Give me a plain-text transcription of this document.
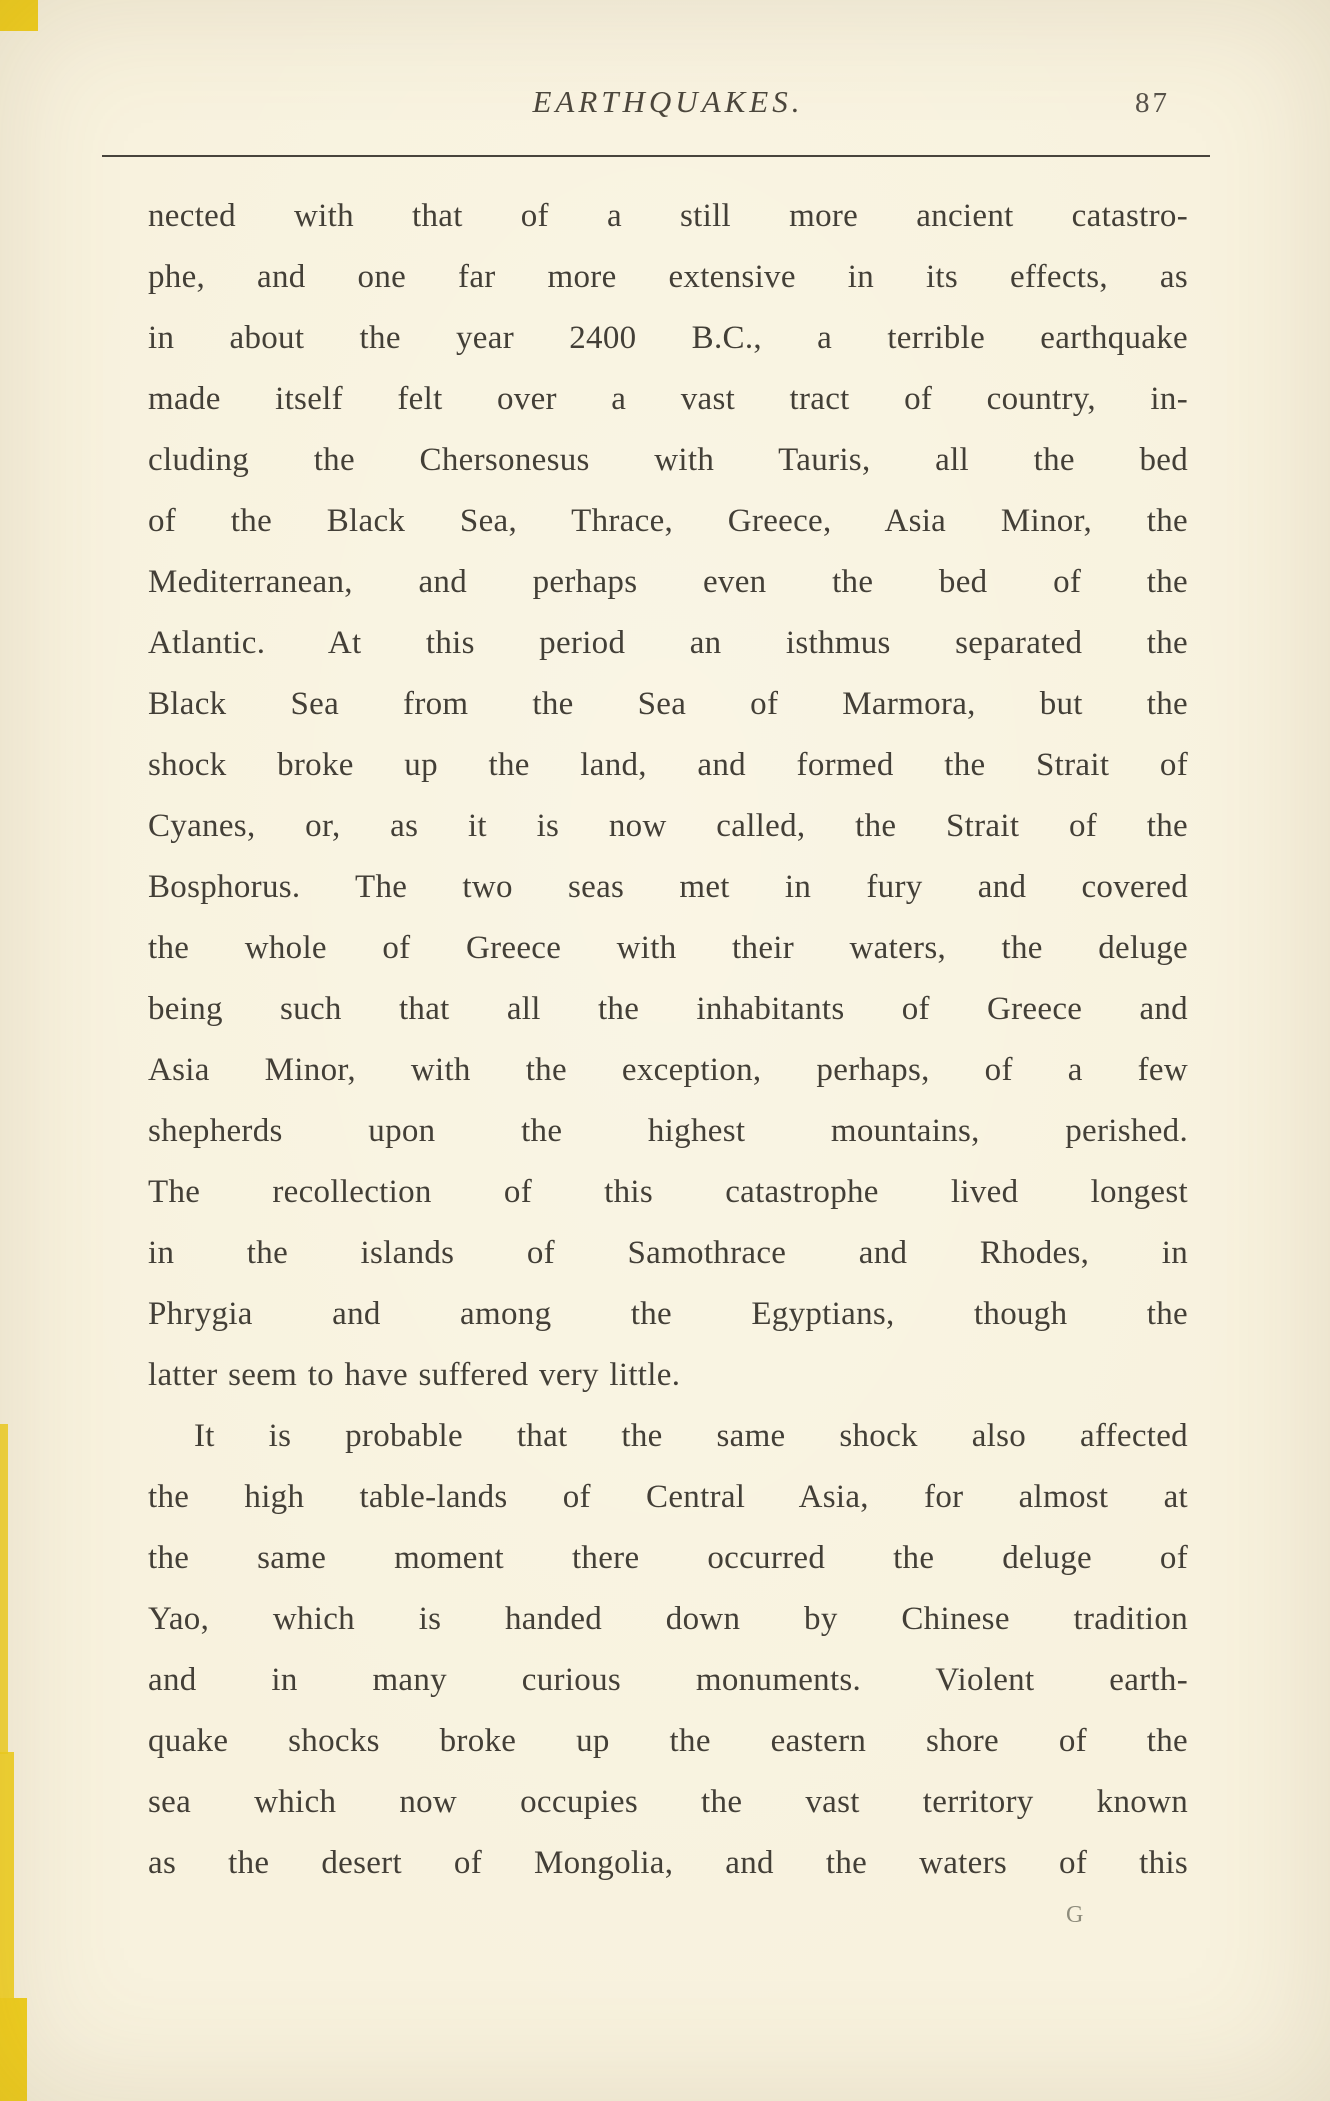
EARTHQUAKES.	87
nected with that of a still more ancient catastro-
phe, and one far more extensive in its effects, as
in about the year 2400 B.C., a terrible earthquake
made itself felt over a vast tract of country, in-
cluding the Chersonesus with Tauris, all the bed
of the Black Sea, Thrace, Greece, Asia Minor, the
Mediterranean, and perhaps even the bed of the
Atlantic. At this period an isthmus separated the
Black Sea from the Sea of Marmora, but the
shock broke up the land, and formed the Strait of
Cyanes, or, as it is now called, the Strait of the
Bosphorus. The two seas met in fury and covered
the whole of Greece with their waters, the deluge
being such that all the inhabitants of Greece and
Asia Minor, with the exception, perhaps, of a few
shepherds upon the highest mountains, perished.
The recollection of this catastrophe lived longest
in the islands of Samothrace and Rhodes, in
Phrygia and among the Egyptians, though the
latter seem to have suffered very little.
It is probable that the same shock also affected
the high table-lands of Central Asia, for almost at
the same moment there occurred the deluge of
Yao, which is handed down by Chinese tradition
and in many curious monuments. Violent earth-
quake shocks broke up the eastern shore of the
sea which now occupies the vast territory known
as the desert of Mongolia, and the waters of this
G
